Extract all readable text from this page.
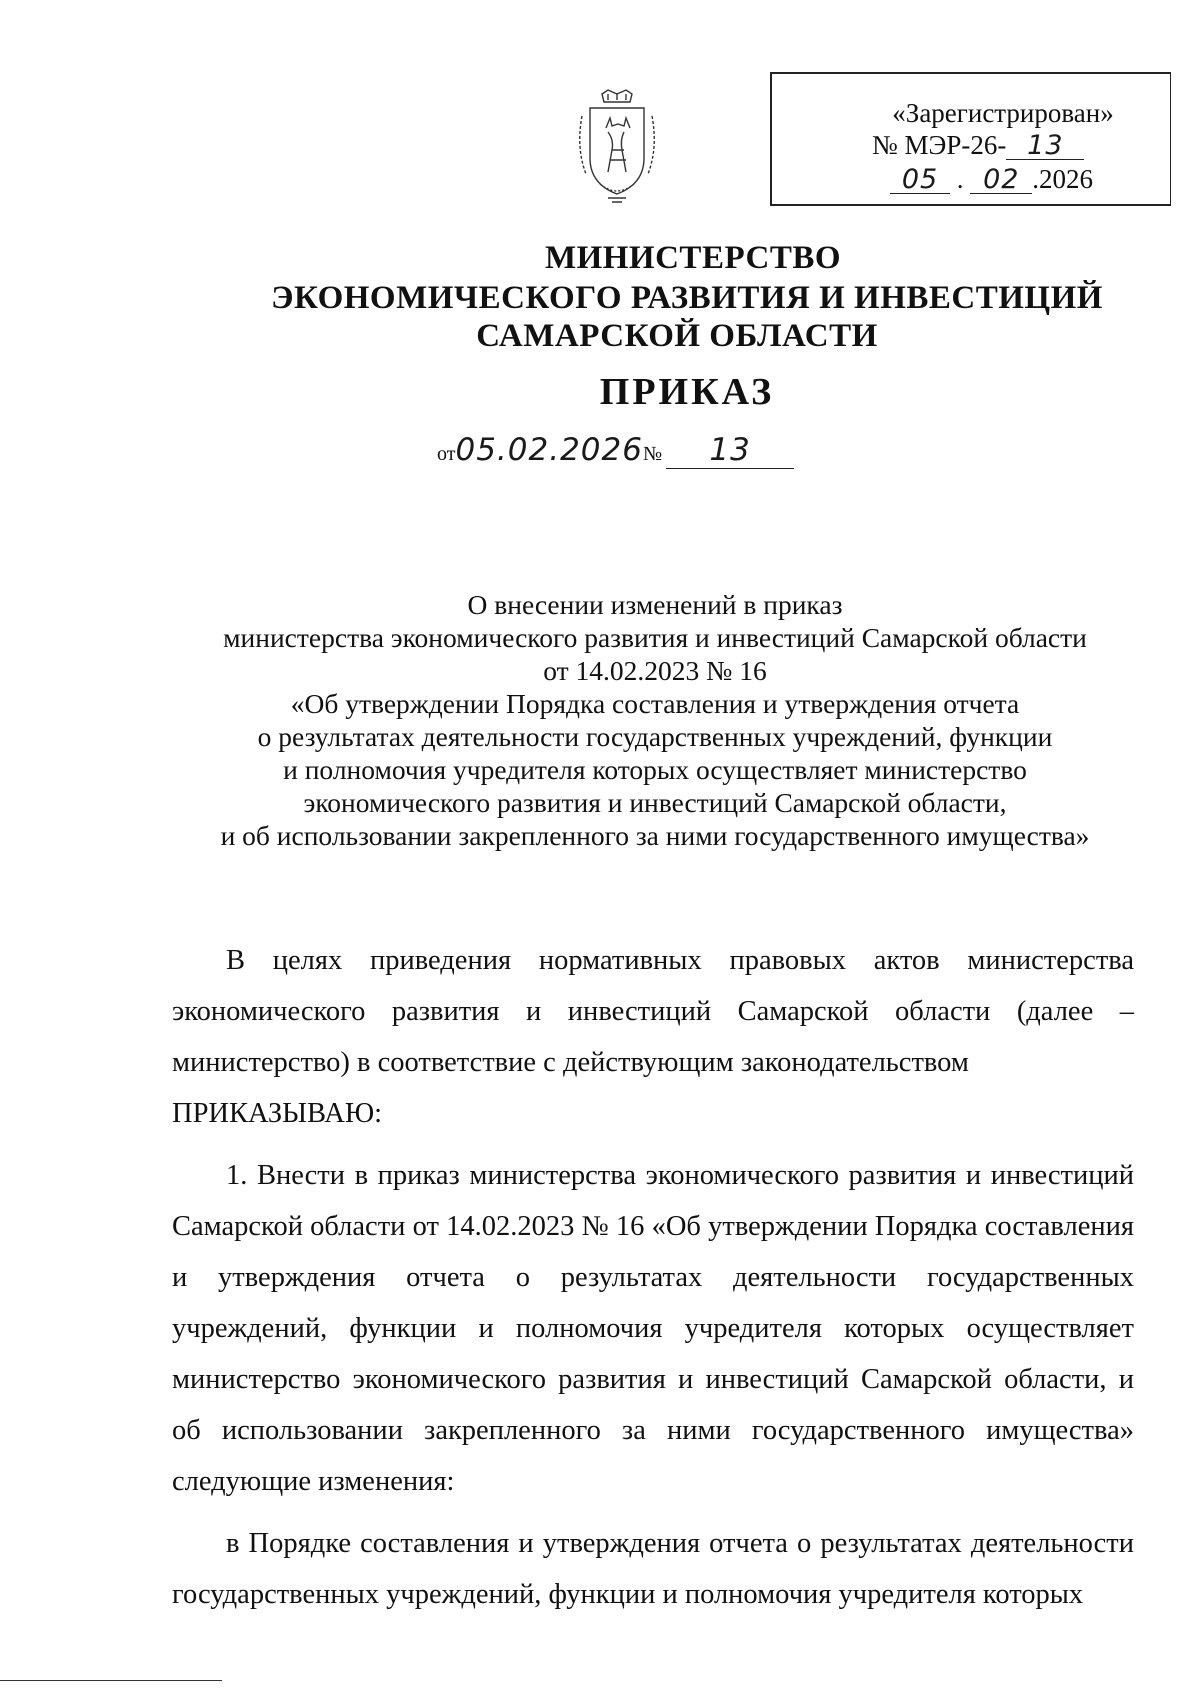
«Зарегистрирован»
№ МЭР-26- 13
05 . 02 .2026
МИНИСТЕРСТВО
ЭКОНОМИЧЕСКОГО РАЗВИТИЯ И ИНВЕСТИЦИЙ
САМАРСКОЙ ОБЛАСТИ
ПРИКАЗ
от05.02.2026№ 13
О внесении изменений в приказ
министерства экономического развития и инвестиций Самарской области
от 14.02.2023 № 16
«Об утверждении Порядка составления и утверждения отчета
о результатах деятельности государственных учреждений, функции
и полномочия учредителя которых осуществляет министерство
экономического развития и инвестиций Самарской области,
и об использовании закрепленного за ними государственного имущества»

В целях приведения нормативных правовых актов министерства экономического развития и инвестиций Самарской области (далее – министерство) в соответствие с действующим законодательством

ПРИКАЗЫВАЮ:

1. Внести в приказ министерства экономического развития и инвестиций Самарской области от 14.02.2023 № 16 «Об утверждении Порядка составления и утверждения отчета о результатах деятельности государственных учреждений, функции и полномочия учредителя которых осуществляет министерство экономического развития и инвестиций Самарской области, и об использовании закрепленного за ними государственного имущества» следующие изменения:

в Порядке составления и утверждения отчета о результатах деятельности государственных учреждений, функции и полномочия учредителя которых
